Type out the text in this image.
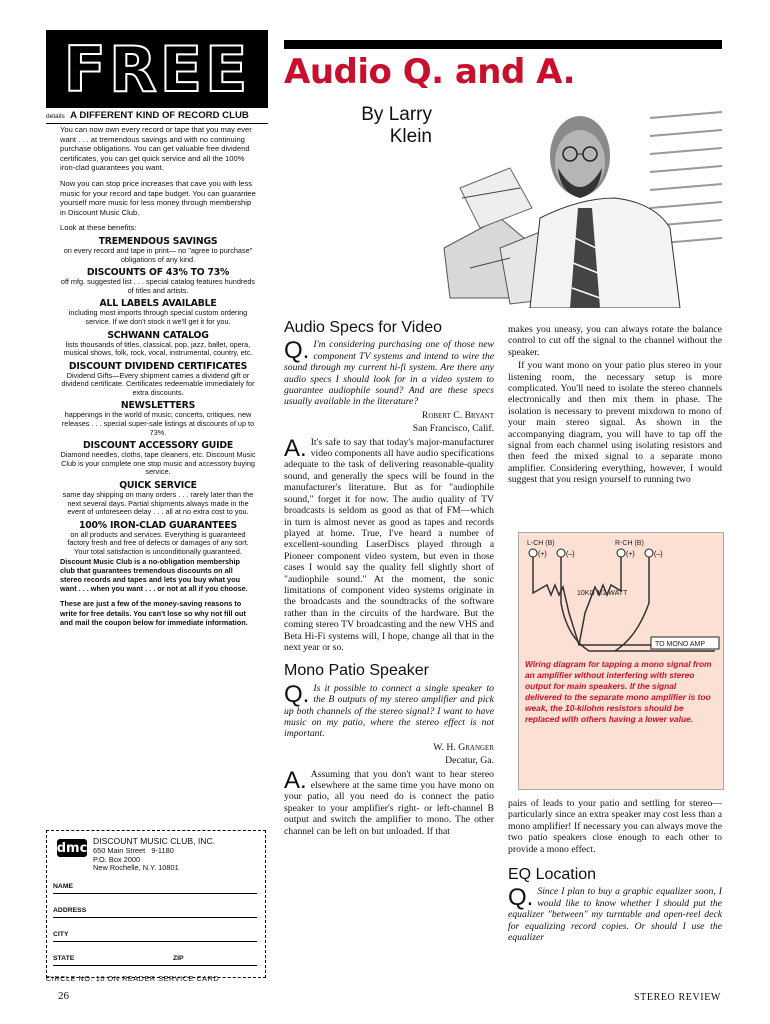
FREE
details A DIFFERENT KIND OF RECORD CLUB

You can now own every record or tape that you may ever want . . . at tremendous savings and with no continuing purchase obligations. You can get valuable free dividend certificates, you can get quick service and all the 100% iron-clad guarantees you want.

Now you can stop price increases that cave you with less music for your record and tape budget. You can guarantee yourself more music for less money through membership in Discount Music Club.

Look at these benefits:

TREMENDOUS SAVINGS
on every record and tape in print— no "agree to purchase" obligations of any kind.
DISCOUNTS OF 43% TO 73%
off mfg. suggested list . . . special catalog features hundreds of titles and artists.
ALL LABELS AVAILABLE
including most imports through special custom ordering service. If we don't stock it we'll get it for you.
SCHWANN CATALOG
lists thousands of titles, classical, pop, jazz, ballet, opera, musical shows, folk, rock, vocal, instrumental, country, etc.
DISCOUNT DIVIDEND CERTIFICATES
Dividend Gifts—Every shipment carries a dividend gift or dividend certificate. Certificates redeemable immediately for extra discounts.
NEWSLETTERS
happenings in the world of music; concerts, critiques, new releases . . . special super-sale listings at discounts of up to 73%.
DISCOUNT ACCESSORY GUIDE
Diamond needles, cloths, tape cleaners, etc. Discount Music Club is your complete one stop music and accessory buying service.
QUICK SERVICE
same day shipping on many orders . . . rarely later than the next several days. Partial shipments always made in the event of unforeseen delay . . . all at no extra cost to you.
100% IRON-CLAD GUARANTEES
on all products and services. Everything is guaranteed factory fresh and free of defects or damages of any sort. Your total satisfaction is unconditionally guaranteed.

Discount Music Club is a no-obligation membership club that guarantees tremendous discounts on all stereo records and tapes and lets you buy what you want . . . when you want . . . or not at all if you choose.

These are just a few of the money-saving reasons to write for free details. You can't lose so why not fill out and mail the coupon below for immediate information.

dmc DISCOUNT MUSIC CLUB, INC.
650 Main Street 9-1180
P.O. Box 2000
New Rochelle, N.Y. 10801
NAME
ADDRESS
CITY
STATE	ZIP
CIRCLE NO. 10 ON READER SERVICE CARD
Audio Q. and A.
By Larry Klein
Audio Specs for Video

Q. I'm considering purchasing one of those new component TV systems and intend to wire the sound through my current hi-fi system. Are there any audio specs I should look for in a video system to guarantee audiophile sound? And are these specs usually available in the literature?

Robert C. Bryant

San Francisco, Calif.

A. It's safe to say that today's major-manufacturer video components all have audio specifications adequate to the task of delivering reasonable-quality sound, and generally the specs will be found in the manufacturer's literature. But as for "audiophile sound," forget it for now. The audio quality of TV broadcasts is seldom as good as that of FM—which in turn is almost never as good as tapes and records played at home. True, I've heard a number of excellent-sounding LaserDiscs played through a Pioneer component video system, but even in those cases I would say the quality fell slightly short of "audiophile sound." At the moment, the sonic limitations of component video systems originate in the broadcasts and the soundtracks of the software rather than in the circuits of the hardware. But the coming stereo TV broadcasting and the new VHS and Beta Hi-Fi systems will, I hope, change all that in the next year or so.

Mono Patio Speaker

Q. Is it possible to connect a single speaker to the B outputs of my stereo amplifier and pick up both channels of the stereo signal? I want to have music on my patio, where the stereo effect is not important.

W. H. Granger

Decatur, Ga.

A. Assuming that you don't want to hear stereo elsewhere at the same time you have mono on your patio, all you need do is connect the patio speaker to your amplifier's right- or left-channel B output and switch the amplifier to mono. The other channel can be left on but unloaded. If that

makes you uneasy, you can always rotate the balance control to cut off the signal to the channel without the speaker.

If you want mono on your patio plus stereo in your listening room, the necessary setup is more complicated. You'll need to isolate the stereo channels electronically and then mix them in phase. The isolation is necessary to prevent mixdown to mono of your main stereo signal. As shown in the accompanying diagram, you will have to tap off the signal from each channel using isolating resistors and then feed the mixed signal to a separate mono amplifier. Considering everything, however, I would suggest that you resign yourself to running two

L-CH (B)	R-CH (B)
(+)	(–)	(+)	(–)
10KΩ 1/2 WATT
TO MONO AMP
Wiring diagram for tapping a mono signal from an amplifier without interfering with stereo output for main speakers. If the signal delivered to the separate mono amplifier is too weak, the 10-kilohm resistors should be replaced with others having a lower value.

pairs of leads to your patio and settling for stereo—particularly since an extra speaker may cost less than a mono amplifier! If necessary you can always move the two patio speakers close enough to each other to provide a mono effect.

EQ Location

Q. Since I plan to buy a graphic equalizer soon, I would like to know whether I should put the equalizer "between" my turntable and open-reel deck for equalizing record copies. Or should I use the equalizer

26	STEREO REVIEW
